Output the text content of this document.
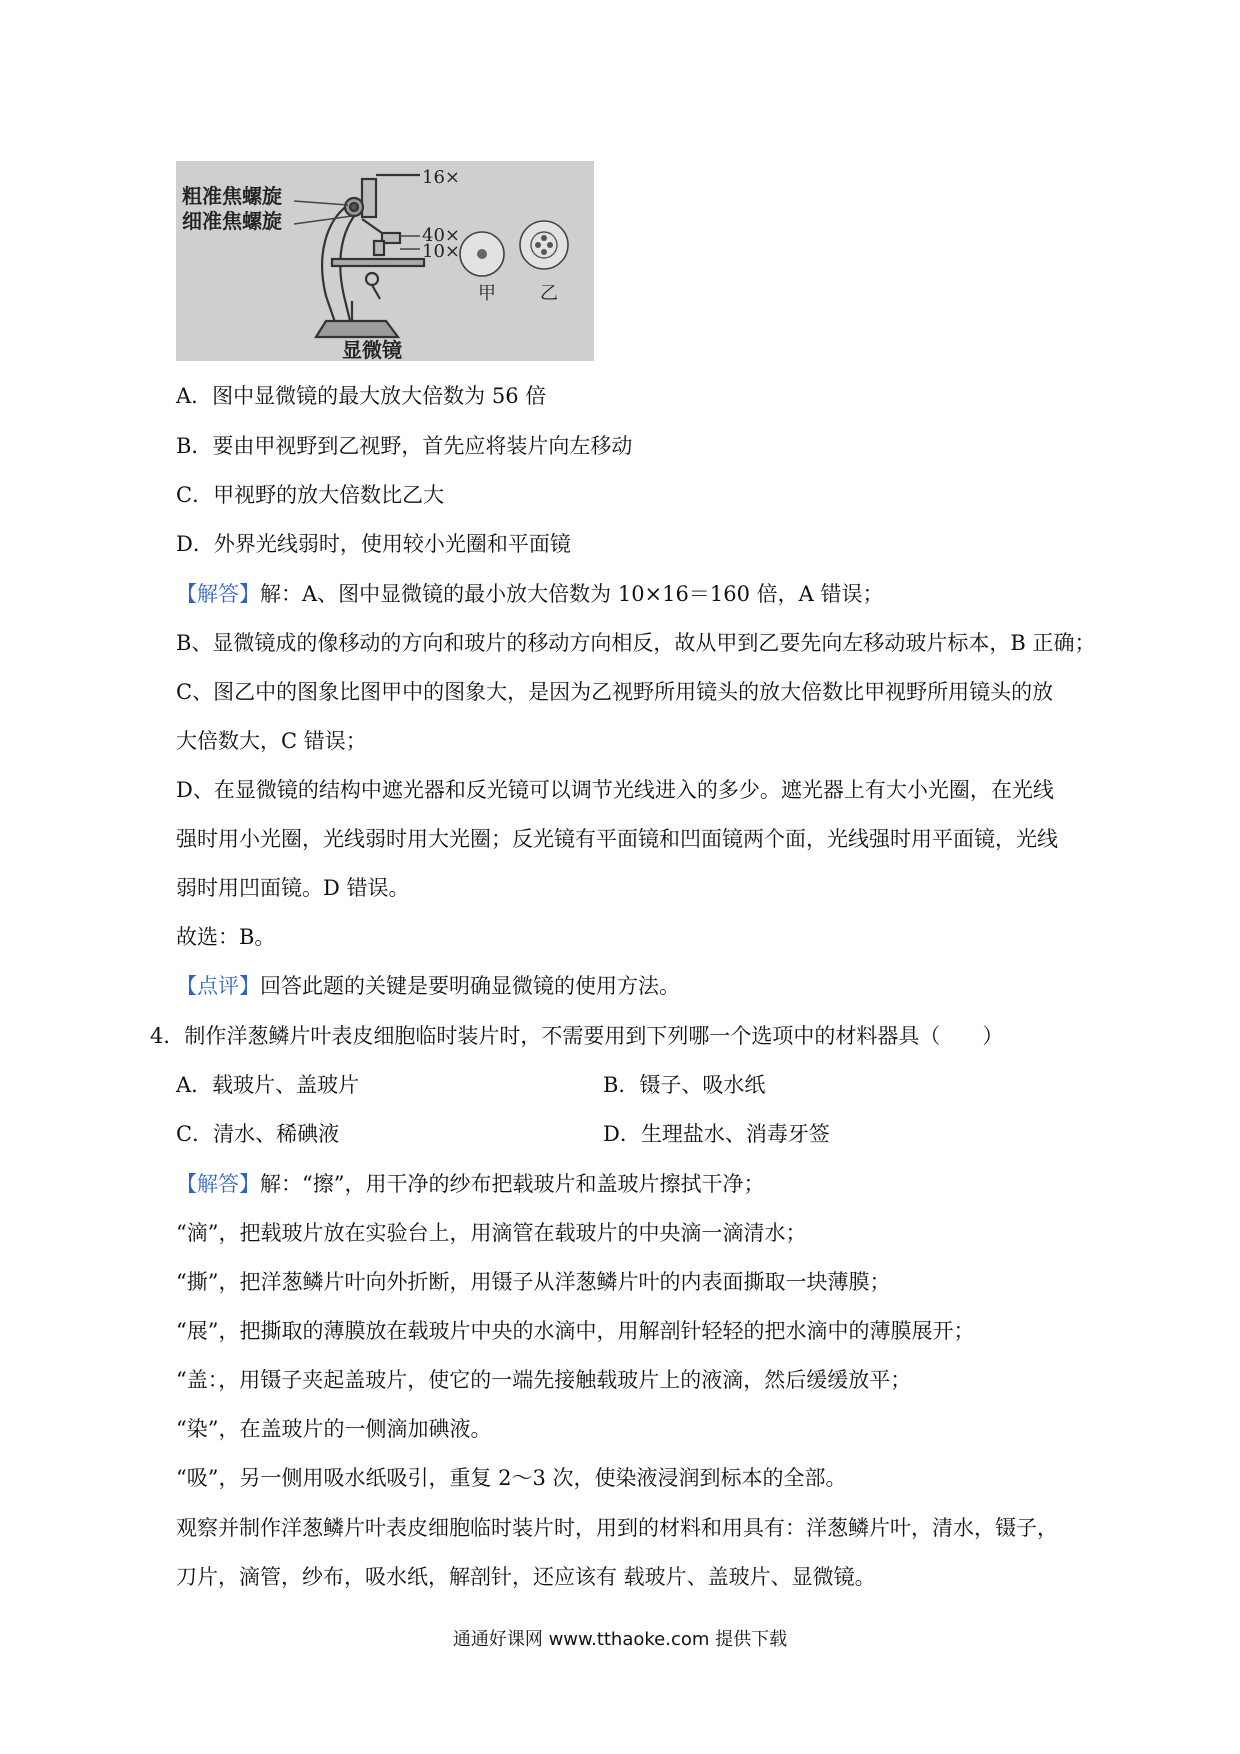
粗准焦螺旋
细准焦螺旋
显微镜
16×
40×
10×
甲 乙
A．图中显微镜的最大放大倍数为 56 倍
B．要由甲视野到乙视野，首先应将装片向左移动
C．甲视野的放大倍数比乙大
D．外界光线弱时，使用较小光圈和平面镜
【解答】解：A、图中显微镜的最小放大倍数为 10×16＝160 倍，A 错误；
B、显微镜成的像移动的方向和玻片的移动方向相反，故从甲到乙要先向左移动玻片标本，B 正确；
C、图乙中的图象比图甲中的图象大，是因为乙视野所用镜头的放大倍数比甲视野所用镜头的放
大倍数大，C 错误；
D、在显微镜的结构中遮光器和反光镜可以调节光线进入的多少。遮光器上有大小光圈，在光线
强时用小光圈，光线弱时用大光圈；反光镜有平面镜和凹面镜两个面，光线强时用平面镜，光线
弱时用凹面镜。D 错误。
故选：B。
【点评】回答此题的关键是要明确显微镜的使用方法。
4．制作洋葱鳞片叶表皮细胞临时装片时，不需要用到下列哪一个选项中的材料器具（　　）
A．载玻片、盖玻片	B．镊子、吸水纸
C．清水、稀碘液	D．生理盐水、消毒牙签
【解答】解：“擦”，用干净的纱布把载玻片和盖玻片擦拭干净；
“滴”，把载玻片放在实验台上，用滴管在载玻片的中央滴一滴清水；
“撕”，把洋葱鳞片叶向外折断，用镊子从洋葱鳞片叶的内表面撕取一块薄膜；
“展”，把撕取的薄膜放在载玻片中央的水滴中，用解剖针轻轻的把水滴中的薄膜展开；
“盖：，用镊子夹起盖玻片，使它的一端先接触载玻片上的液滴，然后缓缓放平；
“染”，在盖玻片的一侧滴加碘液。
“吸”，另一侧用吸水纸吸引，重复 2～3 次，使染液浸润到标本的全部。
观察并制作洋葱鳞片叶表皮细胞临时装片时，用到的材料和用具有：洋葱鳞片叶，清水，镊子，
刀片，滴管，纱布，吸水纸，解剖针，还应该有 载玻片、盖玻片、显微镜。
通通好课网 www.tthaoke.com 提供下载
